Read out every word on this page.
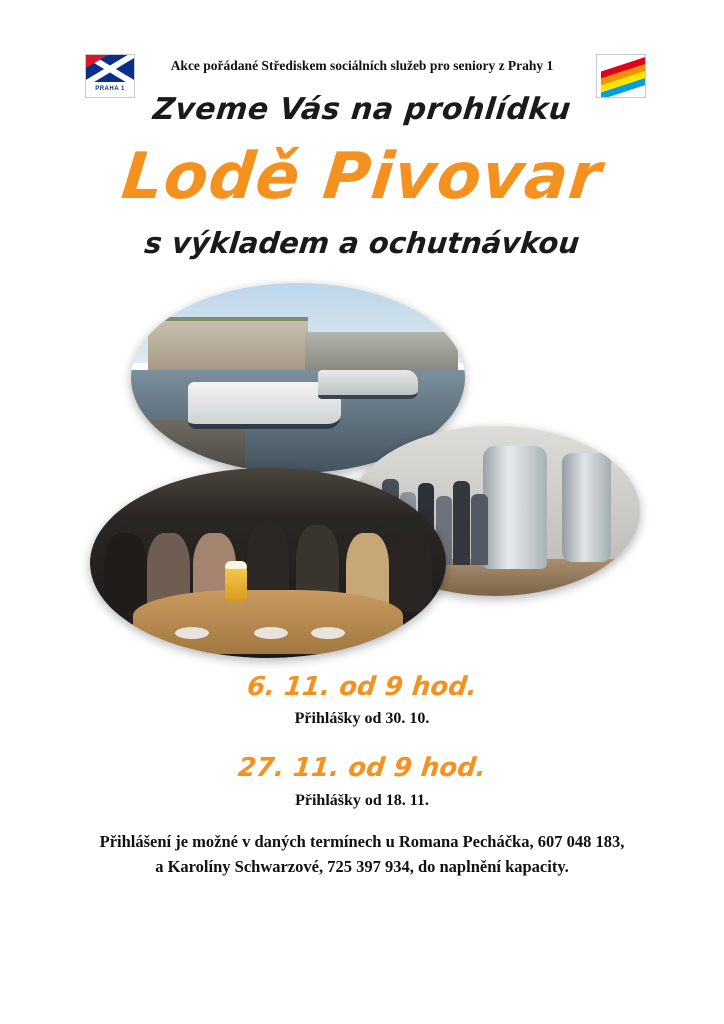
PRAHA 1
Akce pořádané Střediskem sociálních služeb pro seniory z Prahy 1
Zveme Vás na prohlídku
Lodě Pivovar
s výkladem a ochutnávkou
6. 11. od 9 hod.
Přihlášky od 30. 10.
27. 11. od 9 hod.
Přihlášky od 18. 11.
Přihlášení je možné v daných termínech u Romana Pecháčka, 607 048 183,
a Karolíny Schwarzové, 725 397 934, do naplnění kapacity.
